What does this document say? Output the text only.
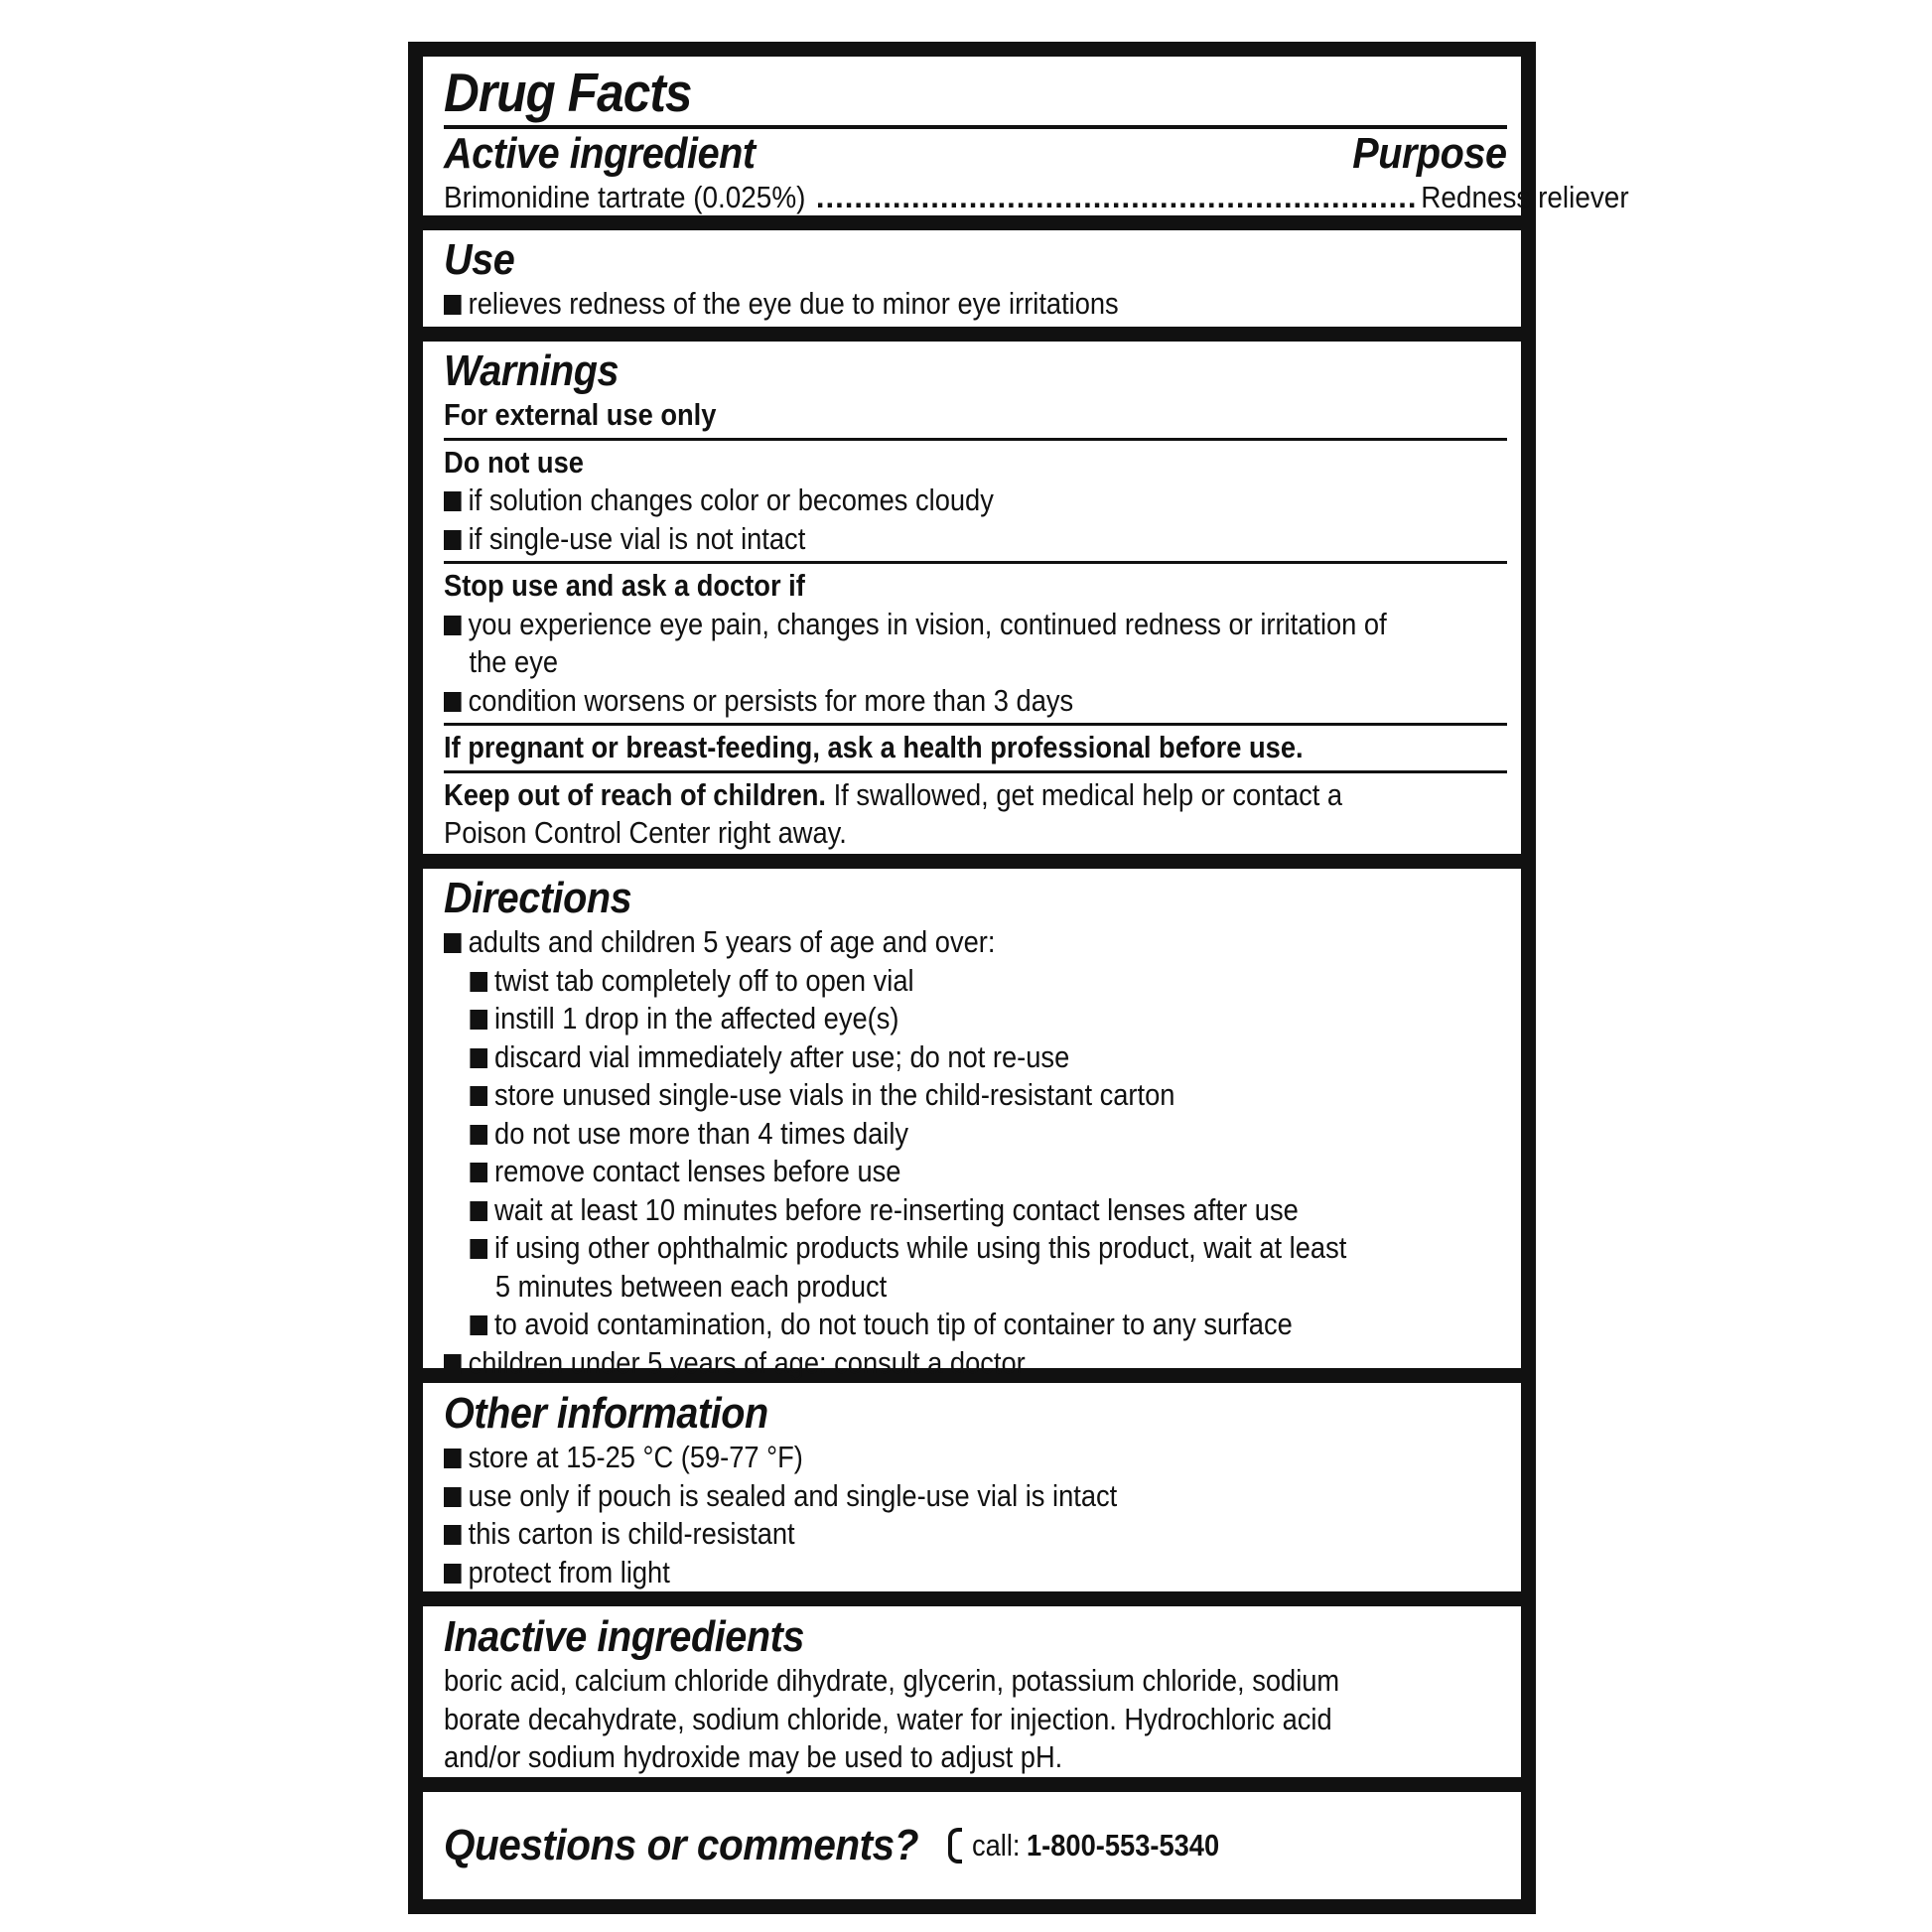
Drug Facts
Active ingredient	Purpose
Brimonidine tartrate (0.025%) ............................................................... Redness reliever
Use
relieves redness of the eye due to minor eye irritations
Warnings
For external use only
Do not use
if solution changes color or becomes cloudy
if single-use vial is not intact
Stop use and ask a doctor if
you experience eye pain, changes in vision, continued redness or irritation of
the eye
condition worsens or persists for more than 3 days
If pregnant or breast-feeding, ask a health professional before use.
Keep out of reach of children. If swallowed, get medical help or contact a
Poison Control Center right away.
Directions
adults and children 5 years of age and over:
twist tab completely off to open vial
instill 1 drop in the affected eye(s)
discard vial immediately after use; do not re-use
store unused single-use vials in the child-resistant carton
do not use more than 4 times daily
remove contact lenses before use
wait at least 10 minutes before re-inserting contact lenses after use
if using other ophthalmic products while using this product, wait at least
5 minutes between each product
to avoid contamination, do not touch tip of container to any surface
children under 5 years of age: consult a doctor
Other information
store at 15-25 °C (59-77 °F)
use only if pouch is sealed and single-use vial is intact
this carton is child-resistant
protect from light
Inactive ingredients
boric acid, calcium chloride dihydrate, glycerin, potassium chloride, sodium
borate decahydrate, sodium chloride, water for injection. Hydrochloric acid
and/or sodium hydroxide may be used to adjust pH.
Questions or comments? call: 1-800-553-5340
